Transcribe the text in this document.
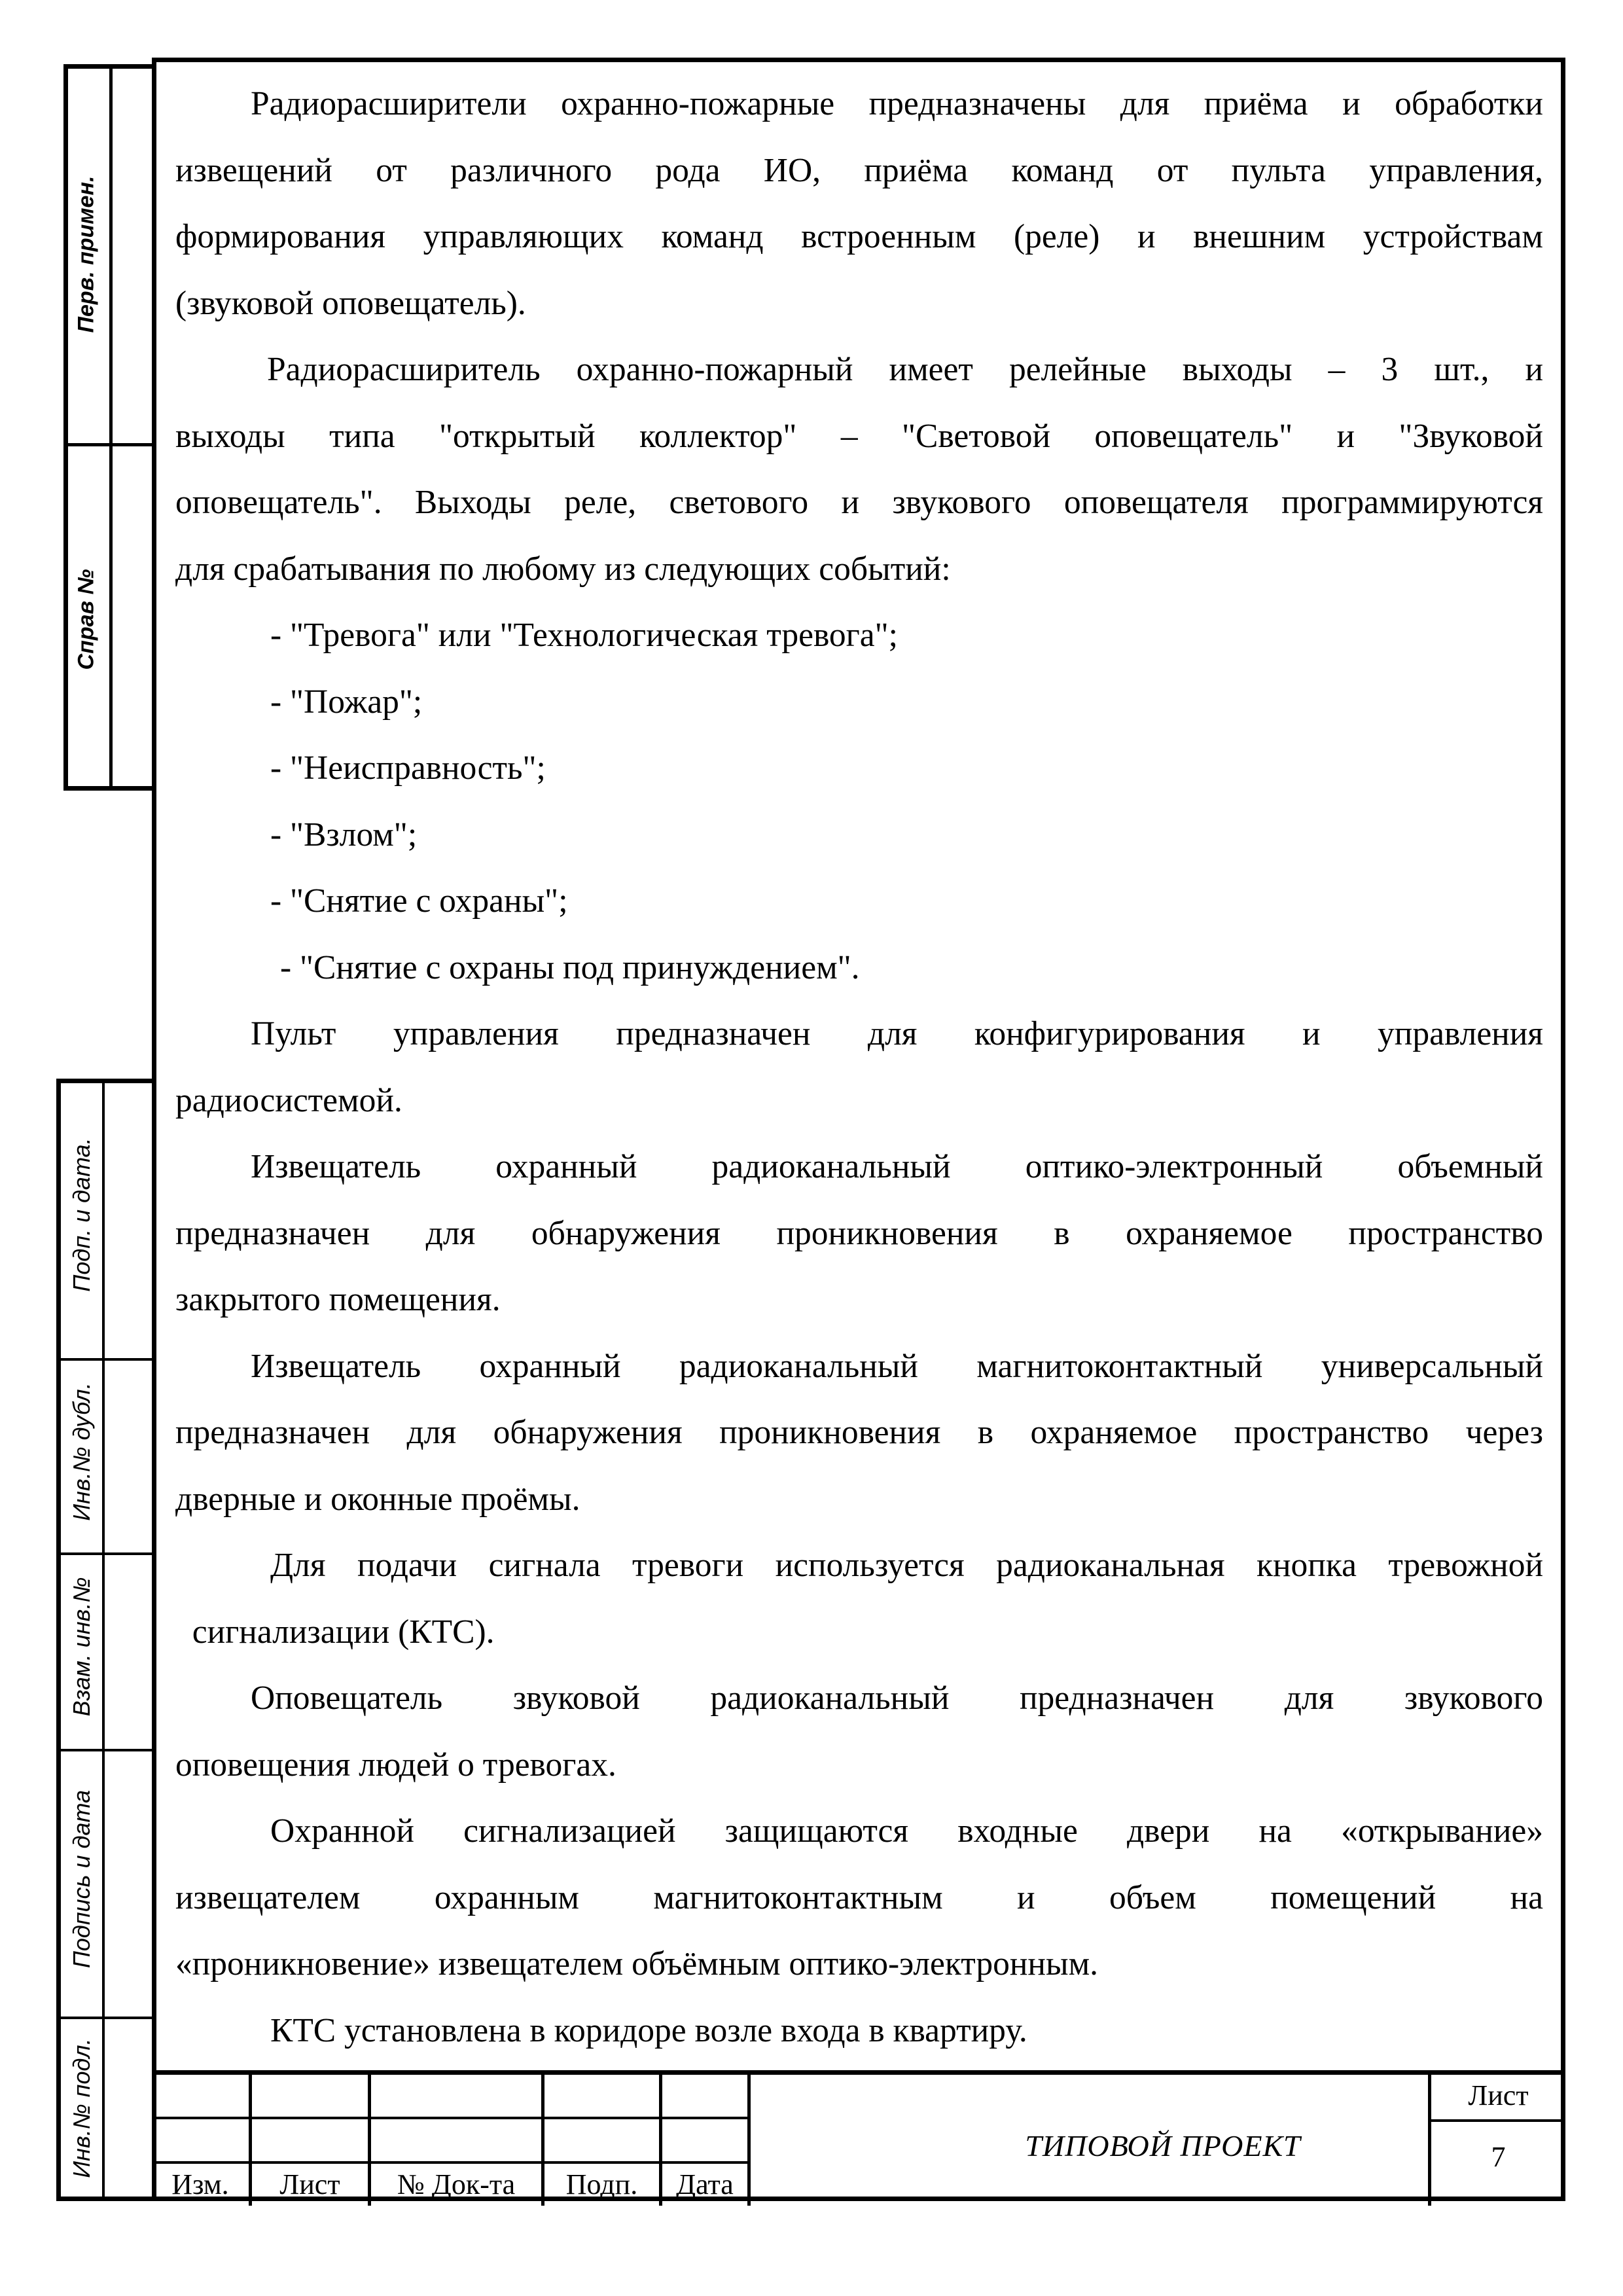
Перв. примен.
Справ №
Подп. и дата.
Инв.№ дубл.
Взам. инв.№
Подпись и дата
Инв.№ подл.

Радиорасширители охранно-пожарные предназначены для приёма и обработки

извещений от различного рода ИО, приёма команд от пульта управления,

формирования управляющих команд встроенным (реле) и внешним устройствам

(звуковой оповещатель).

Радиорасширитель охранно-пожарный имеет релейные выходы – 3 шт., и

выходы типа "открытый коллектор" – "Световой оповещатель" и "Звуковой

оповещатель". Выходы реле, светового и звукового оповещателя программируются

для срабатывания по любому из следующих событий:

- "Тревога" или "Технологическая тревога";

- "Пожар";

- "Неисправность";

- "Взлом";

- "Снятие с охраны";

- "Снятие с охраны под принуждением".

Пульт управления предназначен для конфигурирования и управления

радиосистемой.

Извещатель охранный радиоканальный оптико-электронный объемный

предназначен для обнаружения проникновения в охраняемое пространство

закрытого помещения.

Извещатель охранный радиоканальный магнитоконтактный универсальный

предназначен для обнаружения проникновения в охраняемое пространство через

дверные и оконные проёмы.

Для подачи сигнала тревоги используется радиоканальная кнопка тревожной

сигнализации (КТС).

Оповещатель звуковой радиоканальный предназначен для звукового

оповещения людей о тревогах.

Охранной сигнализацией защищаются входные двери на «открывание»

извещателем охранным магнитоконтактным и объем помещений на

«проникновение» извещателем объёмным оптико-электронным.

КТС установлена в коридоре возле входа в квартиру.

Изм.	Лист	№ Док-та	Подп.	Дата
ТИПОВОЙ ПРОЕКТ
Лист
7
